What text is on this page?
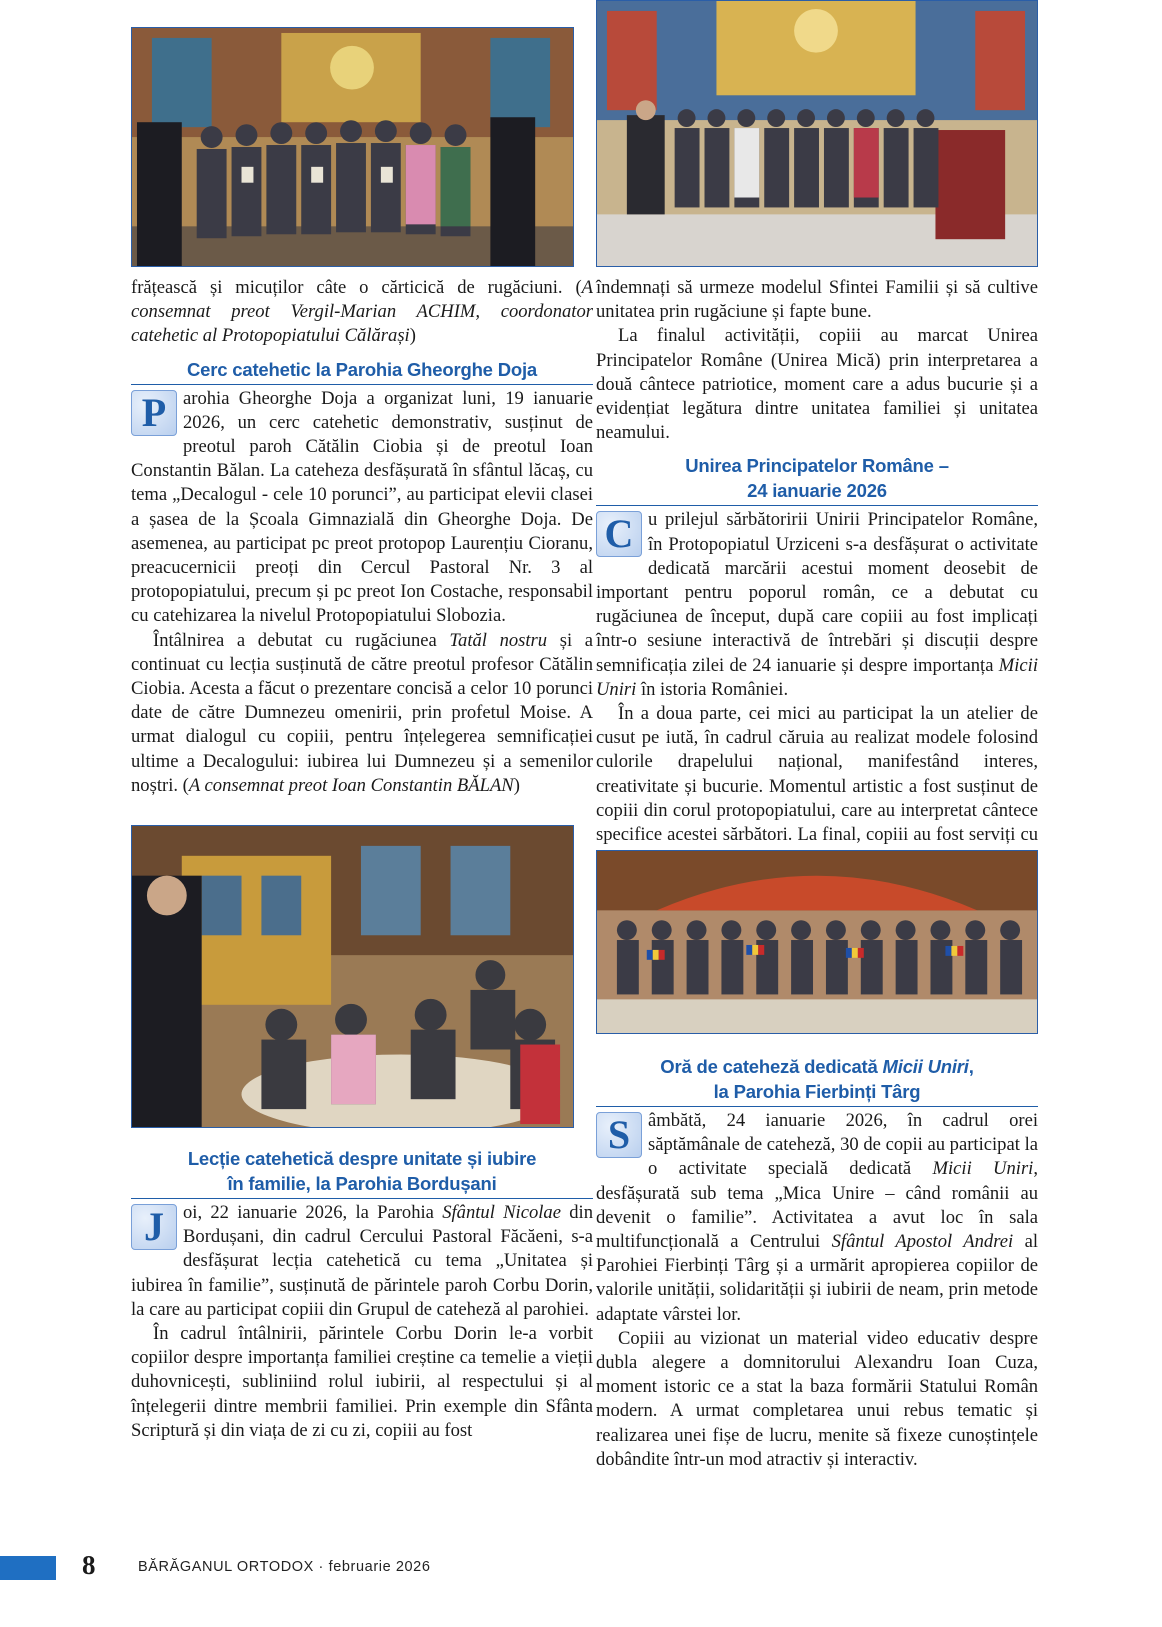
frățească și micuților câte o cărticică de rugăciuni. (A consemnat preot Vergil-Marian ACHIM, coordonator catehetic al Protopopiatului Călărași)

Cerc catehetic la Parohia Gheorghe Doja

P arohia Gheorghe Doja a organizat luni, 19 ianuarie 2026, un cerc catehetic demonstrativ, susținut de preotul paroh Cătălin Ciobia și de preotul Ioan Constantin Bălan. La cateheza desfășurată în sfântul lăcaș, cu tema „Decalogul - cele 10 porunci”, au participat elevii clasei a șasea de la Școala Gimnazială din Gheorghe Doja. De asemenea, au participat pc preot protopop Laurențiu Cioranu, preacucernicii preoți din Cercul Pastoral Nr. 3 al protopopiatului, precum și pc preot Ion Costache, responsabil cu catehizarea la nivelul Protopopiatului Slobozia.

Întâlnirea a debutat cu rugăciunea Tatăl nostru și a continuat cu lecția susținută de către preotul profesor Cătălin Ciobia. Acesta a făcut o prezentare concisă a celor 10 porunci date de către Dumnezeu omenirii, prin profetul Moise. A urmat dialogul cu copiii, pentru înțelegerea semnificației ultime a Decalogului: iubirea lui Dumnezeu și a semenilor noștri. (A consemnat preot Ioan Constantin BĂLAN)

Lecție catehetică despre unitate și iubire
în familie, la Parohia Bordușani

J	oi, 22 ianuarie 2026, la Parohia Sfântul Nicolae din Bordușani, din cadrul Cercului Pastoral Făcăeni, s-a desfășurat lecția catehetică cu tema „Unitatea și iubirea în familie”, susținută de părintele paroh Corbu Dorin, la care au participat copiii din Grupul de cateheză al parohiei.

În cadrul întâlnirii, părintele Corbu Dorin le-a vorbit copiilor despre importanța familiei creștine ca temelie a vieții duhovnicești, subliniind rolul iubirii, al respectului și al înțelegerii dintre membrii familiei. Prin exemple din Sfânta Scriptură și din viața de zi cu zi, copiii au fost

îndemnați să urmeze modelul Sfintei Familii și să cultive unitatea prin rugăciune și fapte bune.

La finalul activității, copiii au marcat Unirea Principatelor Române (Unirea Mică) prin interpretarea a două cântece patriotice, moment care a adus bucurie și a evidențiat legătura dintre unitatea familiei și unitatea neamului.

Unirea Principatelor Române –
24 ianuarie 2026

C u prilejul sărbătoririi Unirii Principatelor Române, în Protopopiatul Urziceni s-a desfășurat o activitate dedicată marcării acestui moment deosebit de important pentru poporul român, ce a debutat cu rugăciunea de început, după care copiii au fost implicați într-o sesiune interactivă de întrebări și discuții despre semnificația zilei de 24 ianuarie și despre importanța Micii Uniri în istoria României.

În a doua parte, cei mici au participat la un atelier de cusut pe iută, în cadrul căruia au realizat modele folosind culorile drapelului național, manifestând interes, creativitate și bucurie. Momentul artistic a fost susținut de copiii din corul protopopiatului, care au interpretat cântece specifice acestei sărbători. La final, copiii au fost serviți cu

Oră de cateheză dedicată Micii Uniri,
la Parohia Fierbinți Târg

S âmbătă, 24 ianuarie 2026, în cadrul orei săptămânale de cateheză, 30 de copii au participat la o activitate specială dedicată Micii Uniri, desfășurată sub tema „Mica Unire – când românii au devenit o familie”. Activitatea a avut loc în sala multifuncțională a Centrului Sfântul Apostol Andrei al Parohiei Fierbinți Târg și a urmărit apropierea copiilor de valorile unității, solidarității și iubirii de neam, prin metode adaptate vârstei lor.

Copiii au vizionat un material video educativ despre dubla alegere a domnitorului Alexandru Ioan Cuza, moment istoric ce a stat la baza formării Statului Român modern. A urmat completarea unui rebus tematic și realizarea unei fișe de lucru, menite să fixeze cunoștințele dobândite într-un mod atractiv și interactiv.

8	BĂRĂGANUL ORTODOX · februarie 2026
